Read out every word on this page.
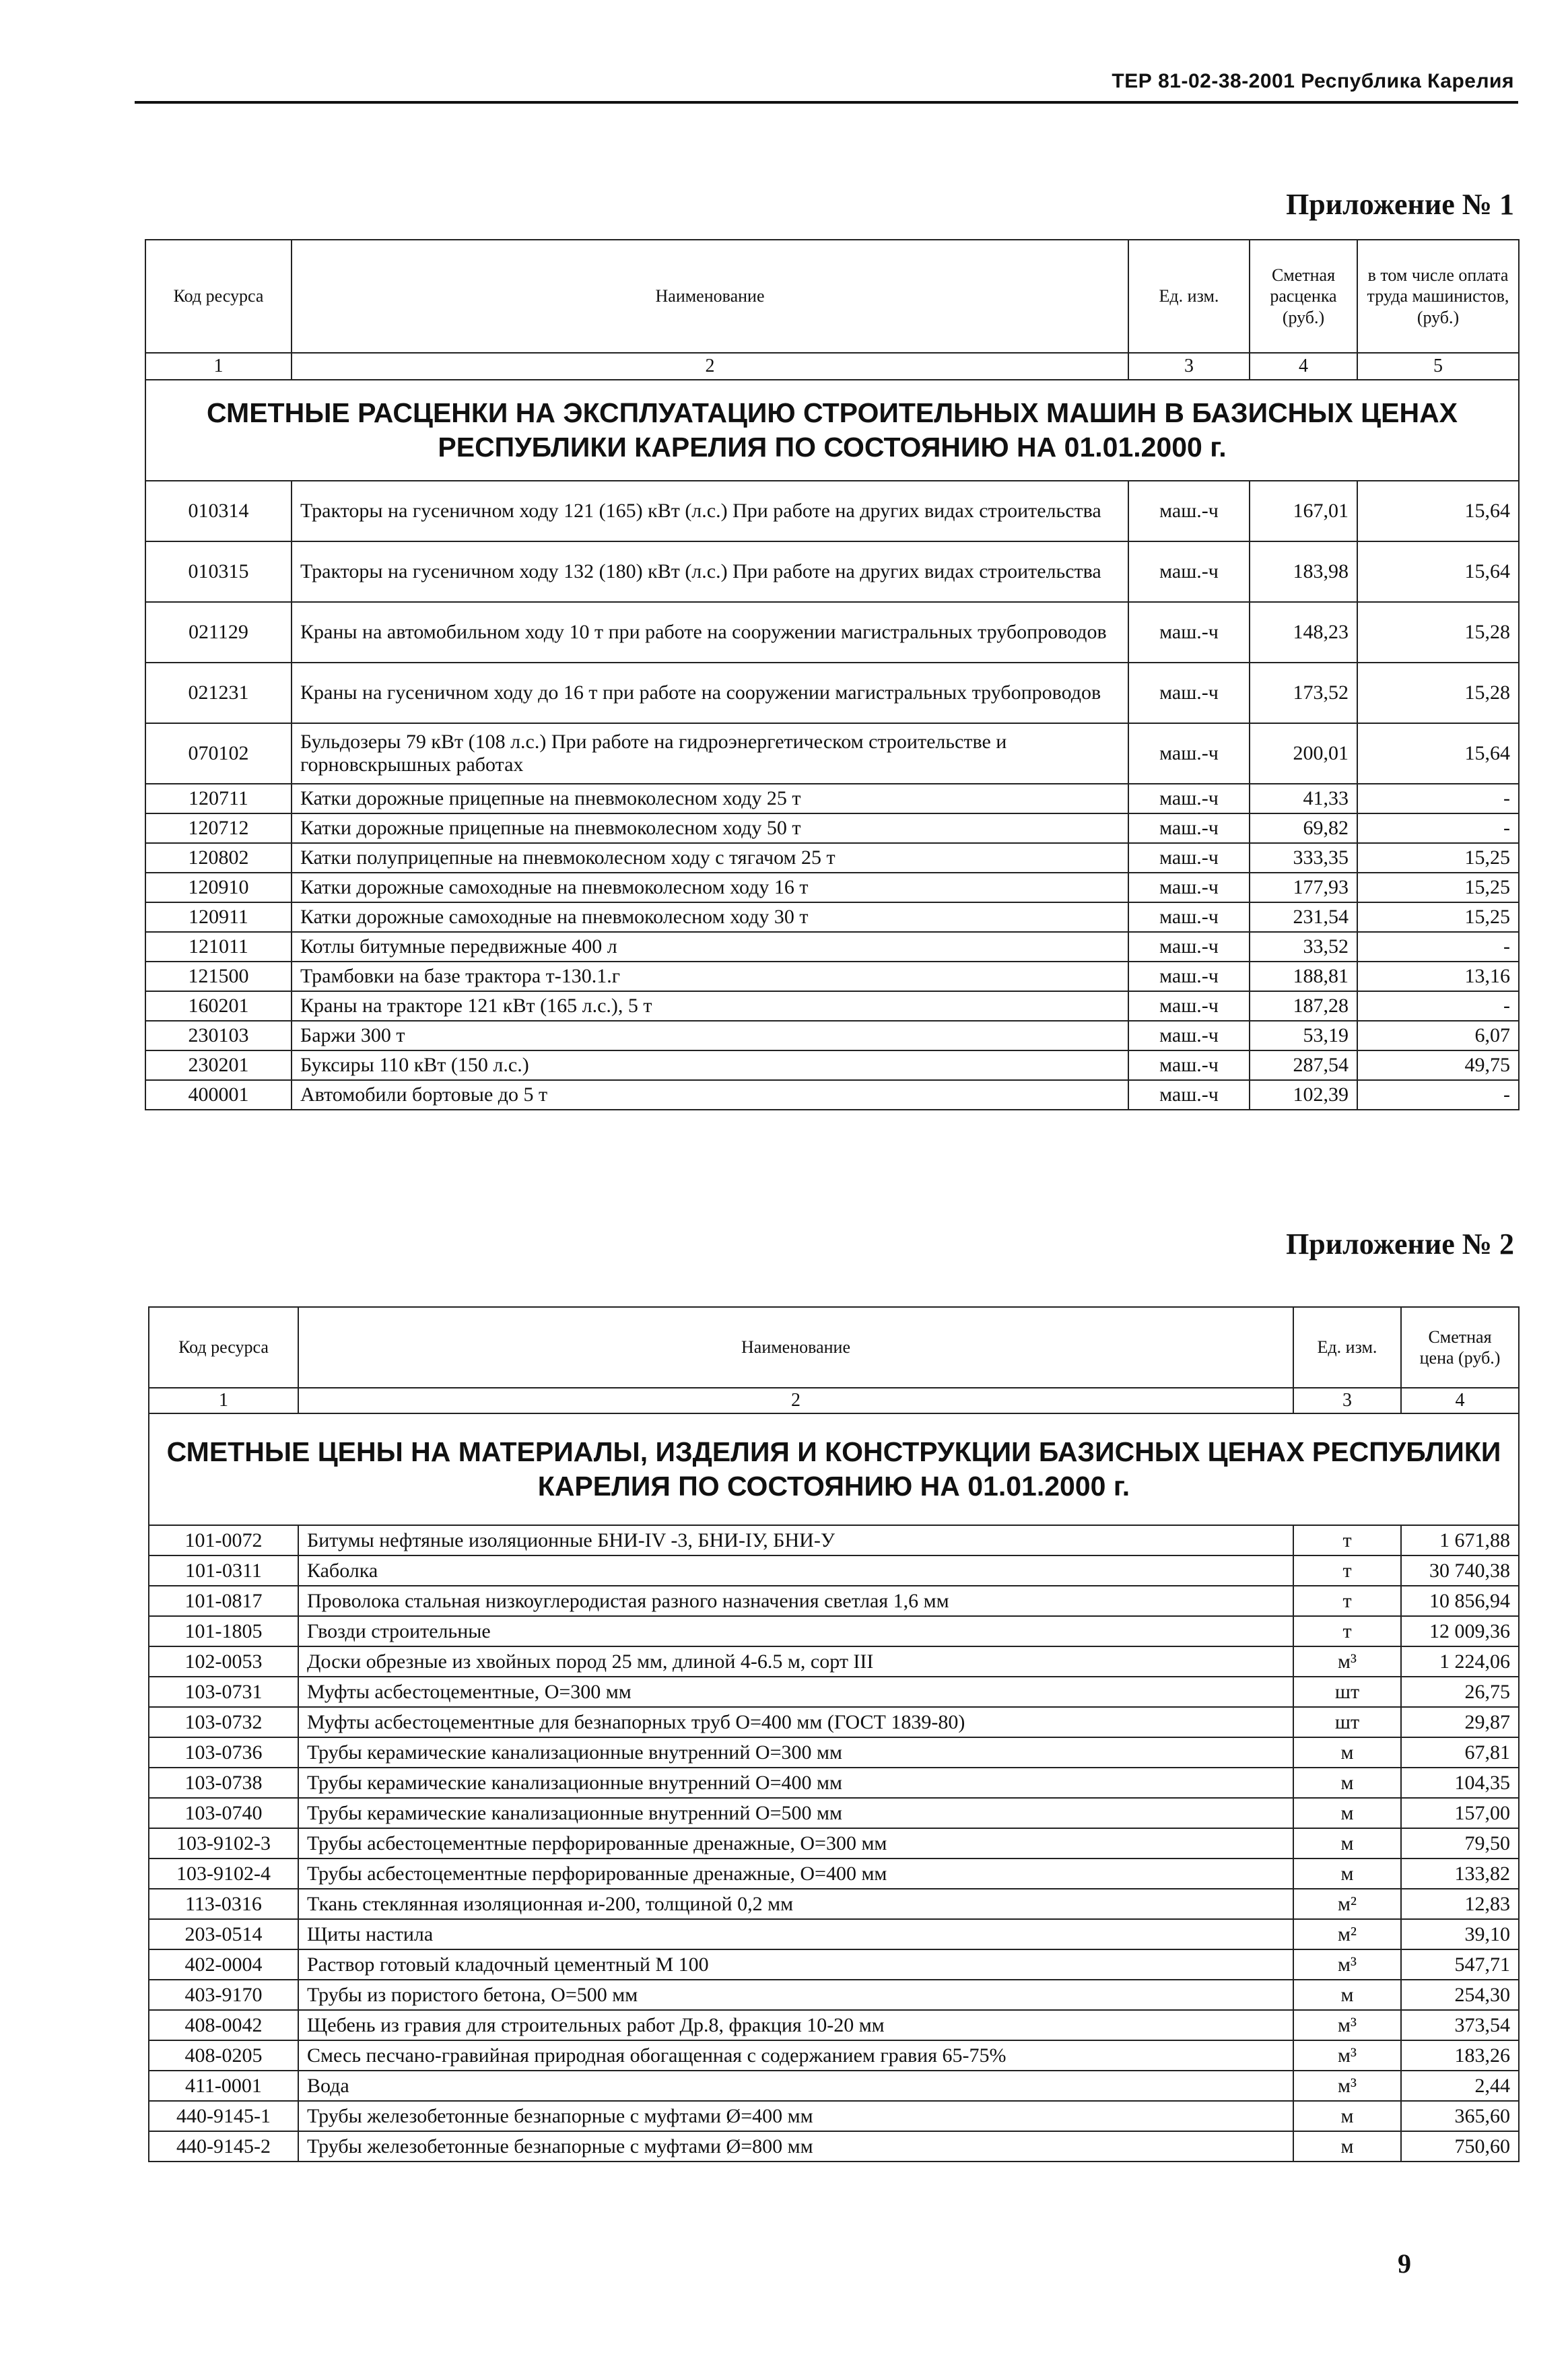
ТЕР 81-02-38-2001 Республика Карелия
Приложение № 1
Код ресурса	Наименование	Ед. изм.	Сметная расценка (руб.)	в том числе оплата труда машинистов, (руб.)
1	2	3	4	5
СМЕТНЫЕ РАСЦЕНКИ НА ЭКСПЛУАТАЦИЮ СТРОИТЕЛЬНЫХ МАШИН В БАЗИСНЫХ ЦЕНАХ РЕСПУБЛИКИ КАРЕЛИЯ ПО СОСТОЯНИЮ НА 01.01.2000 г.				
010314	Тракторы на гусеничном ходу 121 (165) кВт (л.с.) При работе на других видах строительства	маш.-ч	167,01	15,64
010315	Тракторы на гусеничном ходу 132 (180) кВт (л.с.) При работе на других видах строительства	маш.-ч	183,98	15,64
021129	Краны на автомобильном ходу 10 т при работе на сооружении магистральных трубопроводов	маш.-ч	148,23	15,28
021231	Краны на гусеничном ходу до 16 т при работе на сооружении магистральных трубопроводов	маш.-ч	173,52	15,28
070102	Бульдозеры 79 кВт (108 л.с.) При работе на гидроэнергетическом строительстве и горновскрышных работах	маш.-ч	200,01	15,64
120711	Катки дорожные прицепные на пневмоколесном ходу 25 т	маш.-ч	41,33	-
120712	Катки дорожные прицепные на пневмоколесном ходу 50 т	маш.-ч	69,82	-
120802	Катки полуприцепные на пневмоколесном ходу с тягачом 25 т	маш.-ч	333,35	15,25
120910	Катки дорожные самоходные на пневмоколесном ходу 16 т	маш.-ч	177,93	15,25
120911	Катки дорожные самоходные на пневмоколесном ходу 30 т	маш.-ч	231,54	15,25
121011	Котлы битумные передвижные 400 л	маш.-ч	33,52	-
121500	Трамбовки на базе трактора т-130.1.г	маш.-ч	188,81	13,16
160201	Краны на тракторе 121 кВт (165 л.с.), 5 т	маш.-ч	187,28	-
230103	Баржи 300 т	маш.-ч	53,19	6,07
230201	Буксиры 110 кВт (150 л.с.)	маш.-ч	287,54	49,75
400001	Автомобили бортовые до 5 т	маш.-ч	102,39	-
Приложение № 2
Код ресурса	Наименование	Ед. изм.	Сметная цена (руб.)
1	2	3	4
СМЕТНЫЕ ЦЕНЫ НА МАТЕРИАЛЫ, ИЗДЕЛИЯ И КОНСТРУКЦИИ БАЗИСНЫХ ЦЕНАХ РЕСПУБЛИКИ КАРЕЛИЯ ПО СОСТОЯНИЮ НА 01.01.2000 г.			
101-0072	Битумы нефтяные изоляционные БНИ-IV -3, БНИ-IУ, БНИ-У	т	1 671,88
101-0311	Каболка	т	30 740,38
101-0817	Проволока стальная низкоуглеродистая разного назначения светлая 1,6 мм	т	10 856,94
101-1805	Гвозди строительные	т	12 009,36
102-0053	Доски обрезные из хвойных пород 25 мм, длиной 4-6.5 м, сорт III	м³	1 224,06
103-0731	Муфты асбестоцементные, О=300 мм	шт	26,75
103-0732	Муфты асбестоцементные для безнапорных труб О=400 мм (ГОСТ 1839-80)	шт	29,87
103-0736	Трубы керамические канализационные внутренний О=300 мм	м	67,81
103-0738	Трубы керамические канализационные внутренний О=400 мм	м	104,35
103-0740	Трубы керамические канализационные внутренний О=500 мм	м	157,00
103-9102-3	Трубы асбестоцементные перфорированные дренажные, О=300 мм	м	79,50
103-9102-4	Трубы асбестоцементные перфорированные дренажные, О=400 мм	м	133,82
113-0316	Ткань стеклянная изоляционная и-200, толщиной 0,2 мм	м²	12,83
203-0514	Щиты настила	м²	39,10
402-0004	Раствор готовый кладочный цементный М 100	м³	547,71
403-9170	Трубы из пористого бетона, О=500 мм	м	254,30
408-0042	Щебень из гравия для строительных работ Др.8, фракция 10-20 мм	м³	373,54
408-0205	Смесь песчано-гравийная природная обогащенная с содержанием гравия 65-75%	м³	183,26
411-0001	Вода	м³	2,44
440-9145-1	Трубы железобетонные безнапорные с муфтами Ø=400 мм	м	365,60
440-9145-2	Трубы железобетонные безнапорные с муфтами Ø=800 мм	м	750,60
9
